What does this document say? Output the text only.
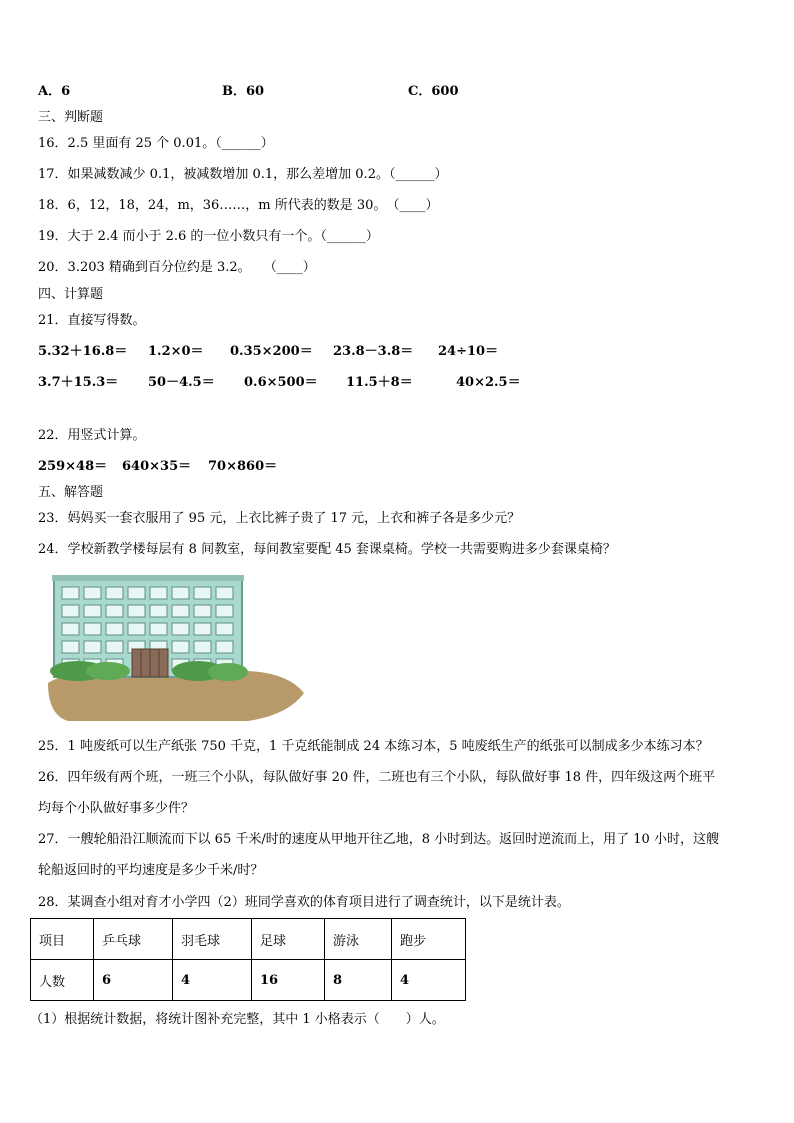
A．6	B．60	C．600
三、判断题
16．2.5 里面有 25 个 0.01。（______）
17．如果减数减少 0.1，被减数增加 0.1，那么差增加 0.2。（______）
18．6，12，18，24，m，36……，m 所代表的数是 30。　（____）
19．大于 2.4 而小于 2.6 的一位小数只有一个。（______）
20．3.203 精确到百分位约是 3.2。　　（____）
四、计算题
21．直接写得数。
5.32＋16.8＝ 1.2×0＝ 0.35×200＝ 23.8－3.8＝ 24÷10＝
3.7＋15.3＝ 50－4.5＝ 0.6×500＝ 11.5＋8＝	40×2.5＝
22．用竖式计算。
259×48＝ 640×35＝ 70×860＝
五、解答题
23．妈妈买一套衣服用了 95 元，上衣比裤子贵了 17 元，上衣和裤子各是多少元？
24．学校新教学楼每层有 8 间教室，每间教室要配 45 套课桌椅。学校一共需要购进多少套课桌椅？
25．1 吨废纸可以生产纸张 750 千克，1 千克纸能制成 24 本练习本，5 吨废纸生产的纸张可以制成多少本练习本？
26．四年级有两个班，一班三个小队，每队做好事 20 件，二班也有三个小队，每队做好事 18 件，四年级这两个班平
均每个小队做好事多少件？
27．一艘轮船沿江顺流而下以 65 千米/时的速度从甲地开往乙地，8 小时到达。返回时逆流而上，用了 10 小时，这艘
轮船返回时的平均速度是多少千米/时？
28．某调查小组对育才小学四（2）班同学喜欢的体育项目进行了调查统计，以下是统计表。
项目	乒乓球	羽毛球	足球	游泳	跑步
人数	6	4	16	8	4
（1）根据统计数据，将统计图补充完整，其中 1 小格表示（　　）人。
